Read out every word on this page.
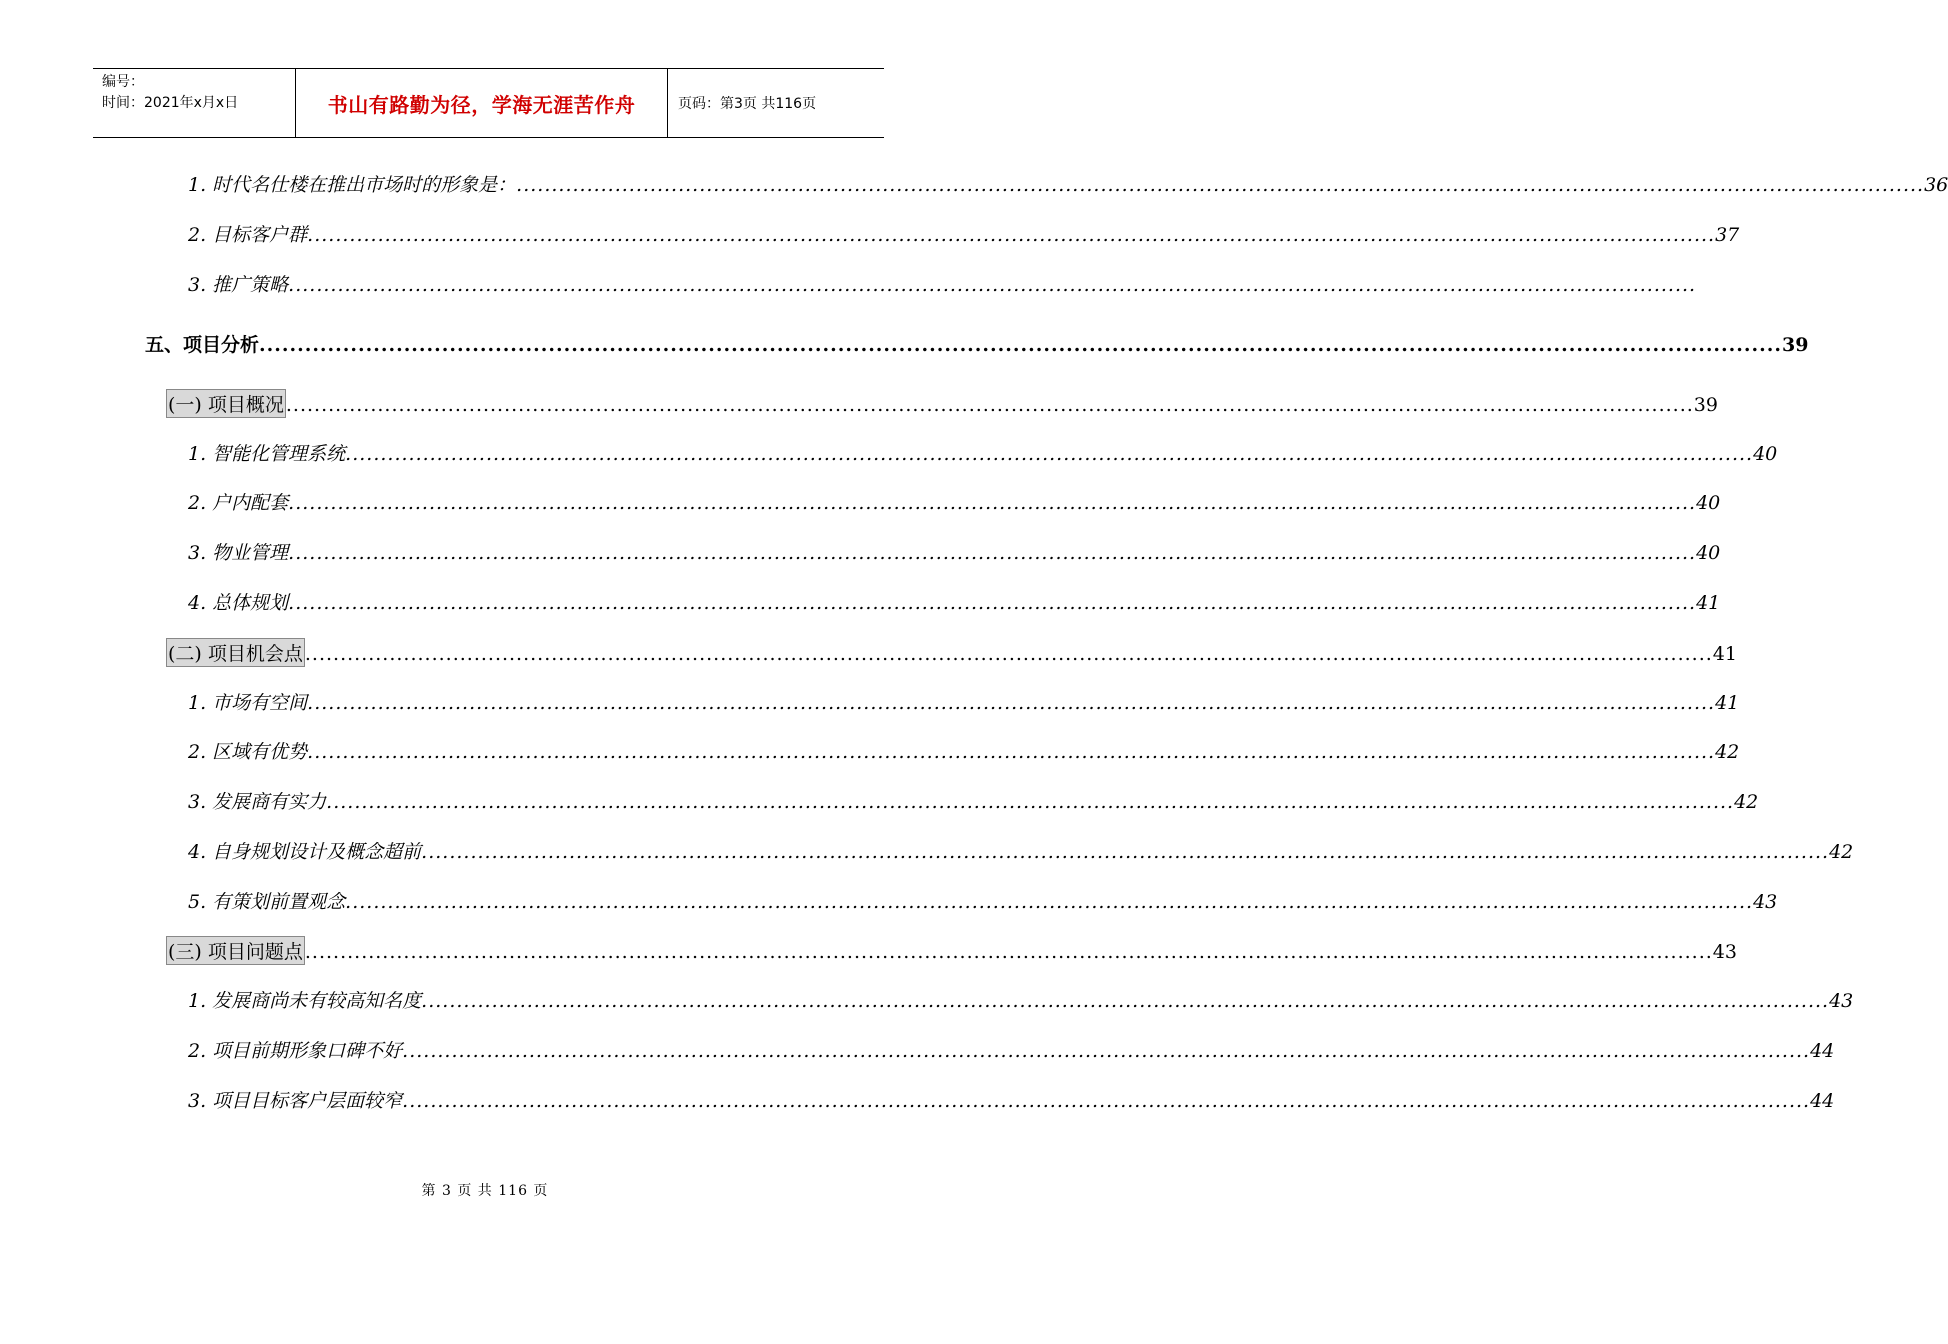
编号：
时间：2021年x月x日	书山有路勤为径，学海无涯苦作舟	页码：第3页 共116页
1. 时代名仕楼在推出市场时的形象是： ........................................................................................................................................................................................................ 36
2. 目标客户群 ........................................................................................................................................................................................................ 37
3. 推广策略 ........................................................................................................................................................................................................
五、项目分析 ........................................................................................................................................................................................................ 39
(一) 项目概况 ........................................................................................................................................................................................................ 39
1. 智能化管理系统 ........................................................................................................................................................................................................ 40
2. 户内配套 ........................................................................................................................................................................................................ 40
3. 物业管理 ........................................................................................................................................................................................................ 40
4. 总体规划 ........................................................................................................................................................................................................ 41
(二) 项目机会点 ........................................................................................................................................................................................................ 41
1. 市场有空间 ........................................................................................................................................................................................................ 41
2. 区域有优势 ........................................................................................................................................................................................................ 42
3. 发展商有实力 ........................................................................................................................................................................................................ 42
4. 自身规划设计及概念超前 ........................................................................................................................................................................................................ 42
5. 有策划前置观念 ........................................................................................................................................................................................................ 43
(三) 项目问题点 ........................................................................................................................................................................................................ 43
1. 发展商尚未有较高知名度 ........................................................................................................................................................................................................ 43
2. 项目前期形象口碑不好 ........................................................................................................................................................................................................ 44
3. 项目目标客户层面较窄 ........................................................................................................................................................................................................ 44
第 3 页 共 116 页
